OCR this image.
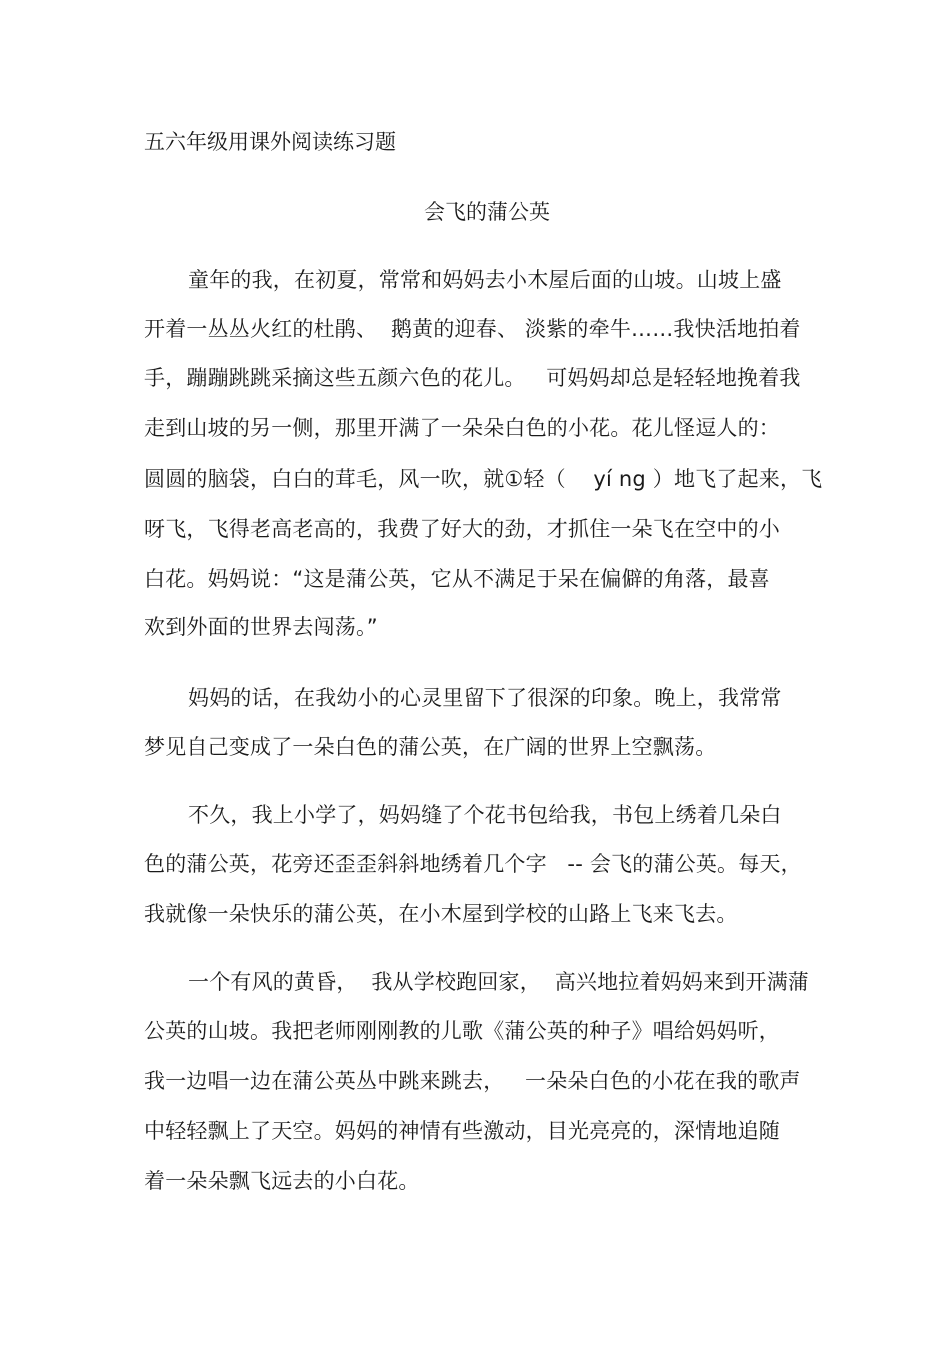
五六年级用课外阅读练习题
会飞的蒲公英
童年的我，在初夏，常常和妈妈去小木屋后面的山坡。山坡上盛
开着一丛丛火红的杜鹃、  鹅黄的迎春、 淡紫的牵牛……我快活地拍着
手，蹦蹦跳跳采摘这些五颜六色的花儿。   可妈妈却总是轻轻地挽着我
走到山坡的另一侧，那里开满了一朵朵白色的小花。花儿怪逗人的：
圆圆的脑袋，白白的茸毛，风一吹，就①轻（    yí ng ）地飞了起来，飞
呀飞，飞得老高老高的，我费了好大的劲，才抓住一朵飞在空中的小
白花。妈妈说：“这是蒲公英，它从不满足于呆在偏僻的角落，最喜
欢到外面的世界去闯荡。”
妈妈的话，在我幼小的心灵里留下了很深的印象。晚上，我常常
梦见自己变成了一朵白色的蒲公英，在广阔的世界上空飘荡。
不久，我上小学了，妈妈缝了个花书包给我，书包上绣着几朵白
色的蒲公英，花旁还歪歪斜斜地绣着几个字   -- 会飞的蒲公英。每天，
我就像一朵快乐的蒲公英，在小木屋到学校的山路上飞来飞去。
一个有风的黄昏，  我从学校跑回家，  高兴地拉着妈妈来到开满蒲
公英的山坡。我把老师刚刚教的儿歌《蒲公英的种子》唱给妈妈听，
我一边唱一边在蒲公英丛中跳来跳去，   一朵朵白色的小花在我的歌声
中轻轻飘上了天空。妈妈的神情有些激动，目光亮亮的，深情地追随
着一朵朵飘飞远去的小白花。
